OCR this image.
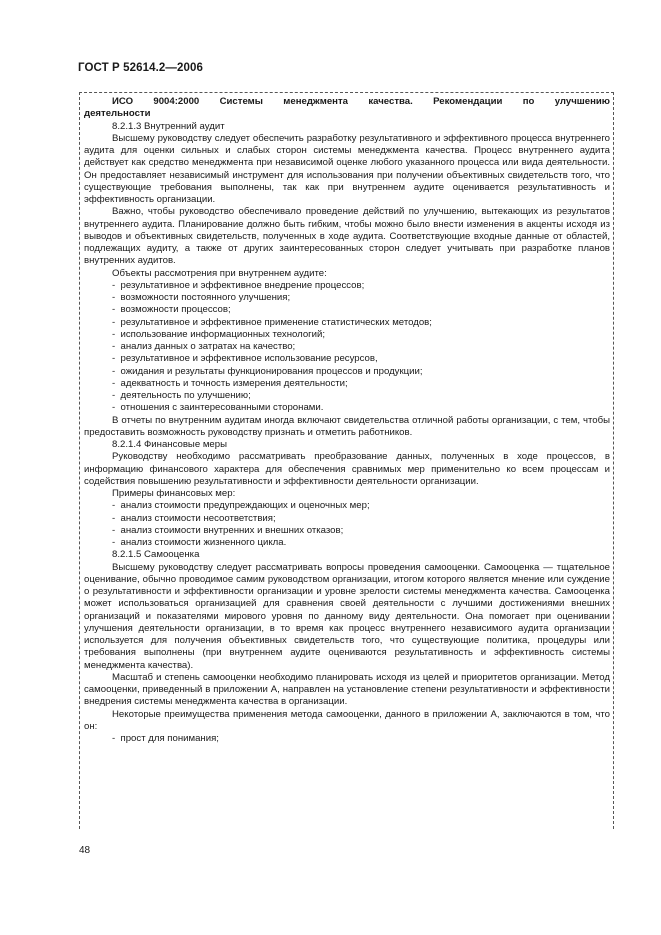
ГОСТ Р 52614.2—2006

ИСО 9004:2000 Системы менеджмента качества. Рекомендации по улучшению

деятельности

8.2.1.3 Внутренний аудит

Высшему руководству следует обеспечить разработку результативного и эффективного процесса внутреннего аудита для оценки сильных и слабых сторон системы менеджмента качества. Процесс внутреннего аудита действует как средство менеджмента при независимой оценке любого указанного процесса или вида деятельности. Он предоставляет независимый инструмент для использования при получении объективных свидетельств того, что существующие требования выполнены, так как при внутреннем аудите оценивается результативность и эффективность организации.

Важно, чтобы руководство обеспечивало проведение действий по улучшению, вытекающих из результатов внутреннего аудита. Планирование должно быть гибким, чтобы можно было внести изменения в акценты исходя из выводов и объективных свидетельств, полученных в ходе аудита. Соответствующие входные данные от областей, подлежащих аудиту, а также от других заинтересованных сторон следует учитывать при разработке планов внутренних аудитов.

Объекты рассмотрения при внутреннем аудите:

-  результативное и эффективное внедрение процессов;

-  возможности постоянного улучшения;

-  возможности процессов;

-  результативное и эффективное применение статистических методов;

-  использование информационных технологий;

-  анализ данных о затратах на качество;

-  результативное и эффективное использование ресурсов,

-  ожидания и результаты функционирования процессов и продукции;

-  адекватность и точность измерения деятельности;

-  деятельность по улучшению;

-  отношения с заинтересованными сторонами.

В отчеты по внутренним аудитам иногда включают свидетельства отличной работы организации, с тем, чтобы предоставить возможность руководству признать и отметить работников.

8.2.1.4 Финансовые меры

Руководству необходимо рассматривать преобразование данных, полученных в ходе процессов, в информацию финансового характера для обеспечения сравнимых мер применительно ко всем процессам и содействия повышению результативности и эффективности деятельности организации.

Примеры финансовых мер:

-  анализ стоимости предупреждающих и оценочных мер;

-  анализ стоимости несоответствия;

-  анализ стоимости внутренних и внешних отказов;

-  анализ стоимости жизненного цикла.

8.2.1.5 Самооценка

Высшему руководству следует рассматривать вопросы проведения самооценки. Самооценка — тщательное оценивание, обычно проводимое самим руководством организации, итогом которого является мнение или суждение о результативности и эффективности организации и уровне зрелости системы менеджмента качества. Самооценка может использоваться организацией для сравнения своей деятельности с лучшими достижениями внешних организаций и показателями мирового уровня по данному виду деятельности. Она помогает при оценивании улучшения деятельности организации, в то время как процесс внутреннего независимого аудита организации используется для получения объективных свидетельств того, что существующие политика, процедуры или требования выполнены (при внутреннем аудите оцениваются результативность и эффективность системы менеджмента качества).

Масштаб и степень самооценки необходимо планировать исходя из целей и приоритетов организации. Метод самооценки, приведенный в приложении А, направлен на установление степени результативности и эффективности внедрения системы менеджмента качества в организации.

Некоторые преимущества применения метода самооценки, данного в приложении А, заключаются в том, что он:

-  прост для понимания;

48
